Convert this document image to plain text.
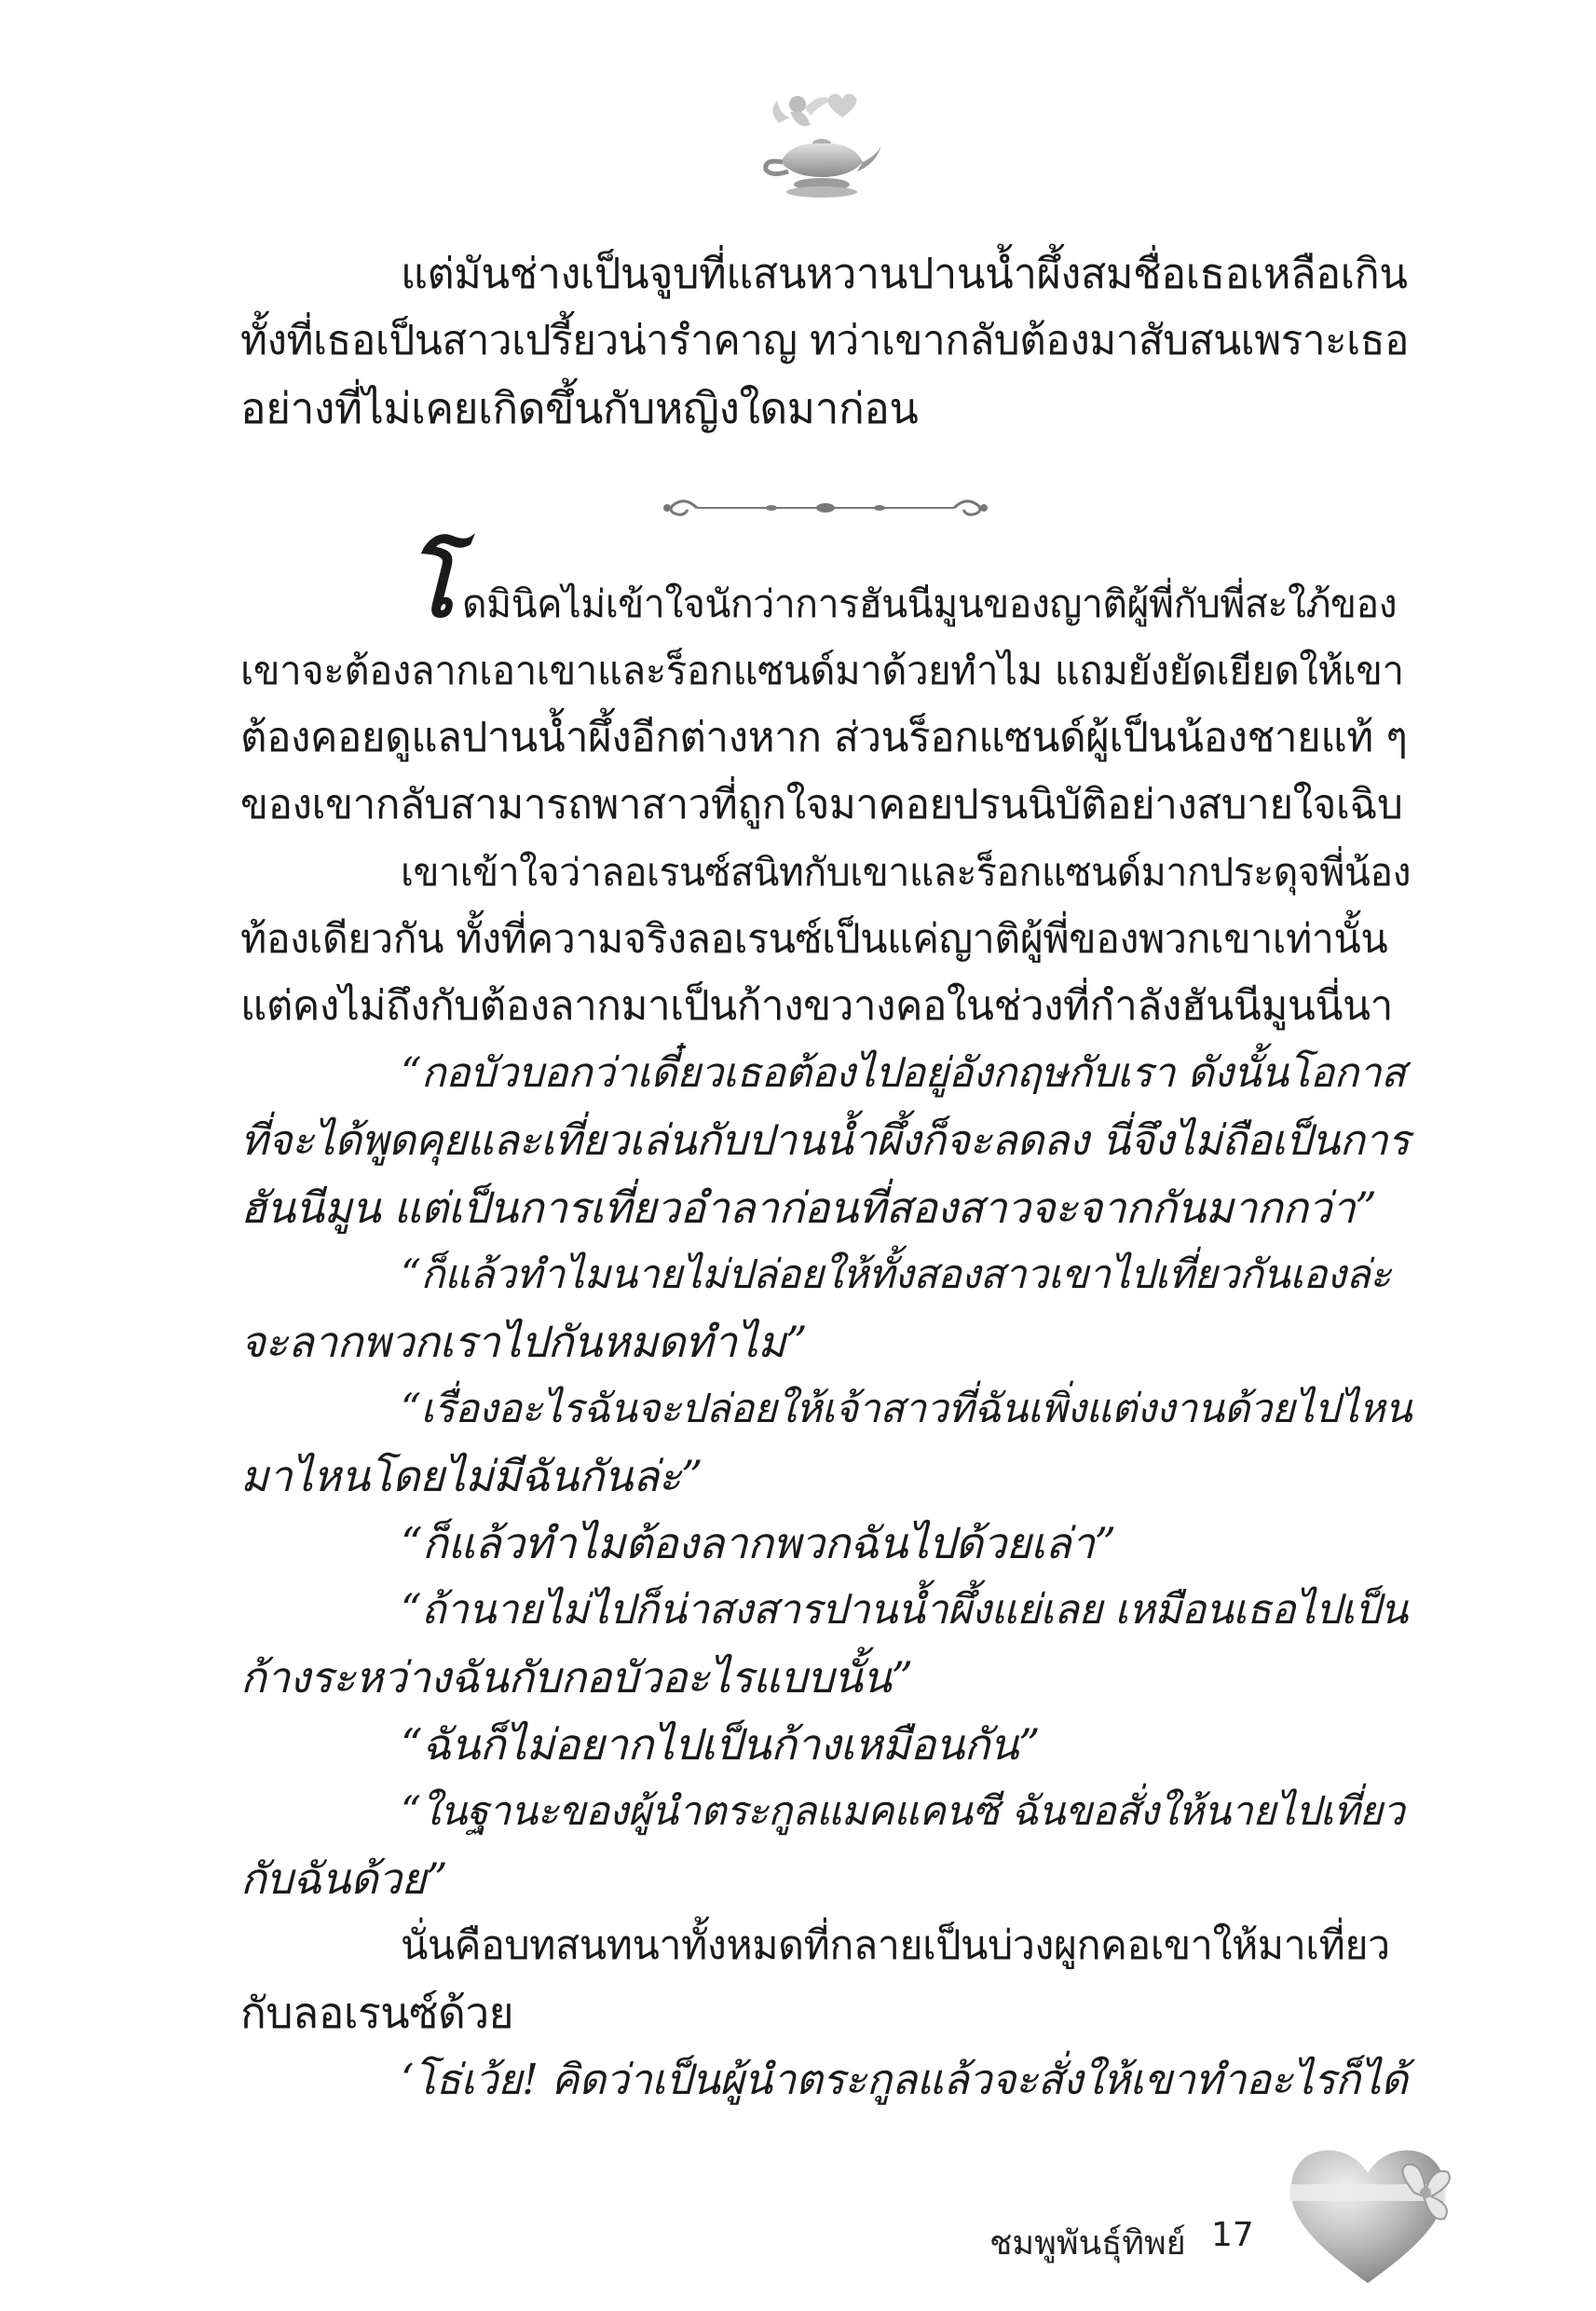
แต่มันช่างเป็นจูบที่แสนหวานปานน้ำผึ้งสมชื่อเธอเหลือเกิน
ทั้งที่เธอเป็นสาวเปรี้ยวน่ารำคาญ ทว่าเขากลับต้องมาสับสนเพราะเธอ
อย่างที่ไม่เคยเกิดขึ้นกับหญิงใดมาก่อน
โ ดมินิคไม่เข้าใจนักว่าการฮันนีมูนของญาติผู้พี่กับพี่สะใภ้ของ
เขาจะต้องลากเอาเขาและร็อกแซนด์มาด้วยทำไม แถมยังยัดเยียดให้เขา
ต้องคอยดูแลปานน้ำผึ้งอีกต่างหาก ส่วนร็อกแซนด์ผู้เป็นน้องชายแท้ ๆ
ของเขากลับสามารถพาสาวที่ถูกใจมาคอยปรนนิบัติอย่างสบายใจเฉิบ
เขาเข้าใจว่าลอเรนซ์สนิทกับเขาและร็อกแซนด์มากประดุจพี่น้อง
ท้องเดียวกัน ทั้งที่ความจริงลอเรนซ์เป็นแค่ญาติผู้พี่ของพวกเขาเท่านั้น
แต่คงไม่ถึงกับต้องลากมาเป็นก้างขวางคอในช่วงที่กำลังฮันนีมูนนี่นา
“กอบัวบอกว่าเดี๋ยวเธอต้องไปอยู่อังกฤษกับเรา ดังนั้นโอกาส
ที่จะได้พูดคุยและเที่ยวเล่นกับปานน้ำผึ้งก็จะลดลง นี่จึงไม่ถือเป็นการ
ฮันนีมูน แต่เป็นการเที่ยวอำลาก่อนที่สองสาวจะจากกันมากกว่า”
“ก็แล้วทำไมนายไม่ปล่อยให้ทั้งสองสาวเขาไปเที่ยวกันเองล่ะ
จะลากพวกเราไปกันหมดทำไม”
“เรื่องอะไรฉันจะปล่อยให้เจ้าสาวที่ฉันเพิ่งแต่งงานด้วยไปไหน
มาไหนโดยไม่มีฉันกันล่ะ”
“ก็แล้วทำไมต้องลากพวกฉันไปด้วยเล่า”
“ถ้านายไม่ไปก็น่าสงสารปานน้ำผึ้งแย่เลย เหมือนเธอไปเป็น
ก้างระหว่างฉันกับกอบัวอะไรแบบนั้น”
“ฉันก็ไม่อยากไปเป็นก้างเหมือนกัน”
“ในฐานะของผู้นำตระกูลแมคแคนซี ฉันขอสั่งให้นายไปเที่ยว
กับฉันด้วย”
นั่นคือบทสนทนาทั้งหมดที่กลายเป็นบ่วงผูกคอเขาให้มาเที่ยว
กับลอเรนซ์ด้วย
‘โธ่เว้ย! คิดว่าเป็นผู้นำตระกูลแล้วจะสั่งให้เขาทำอะไรก็ได้
ชมพูพันธุ์ทิพย์ 17
